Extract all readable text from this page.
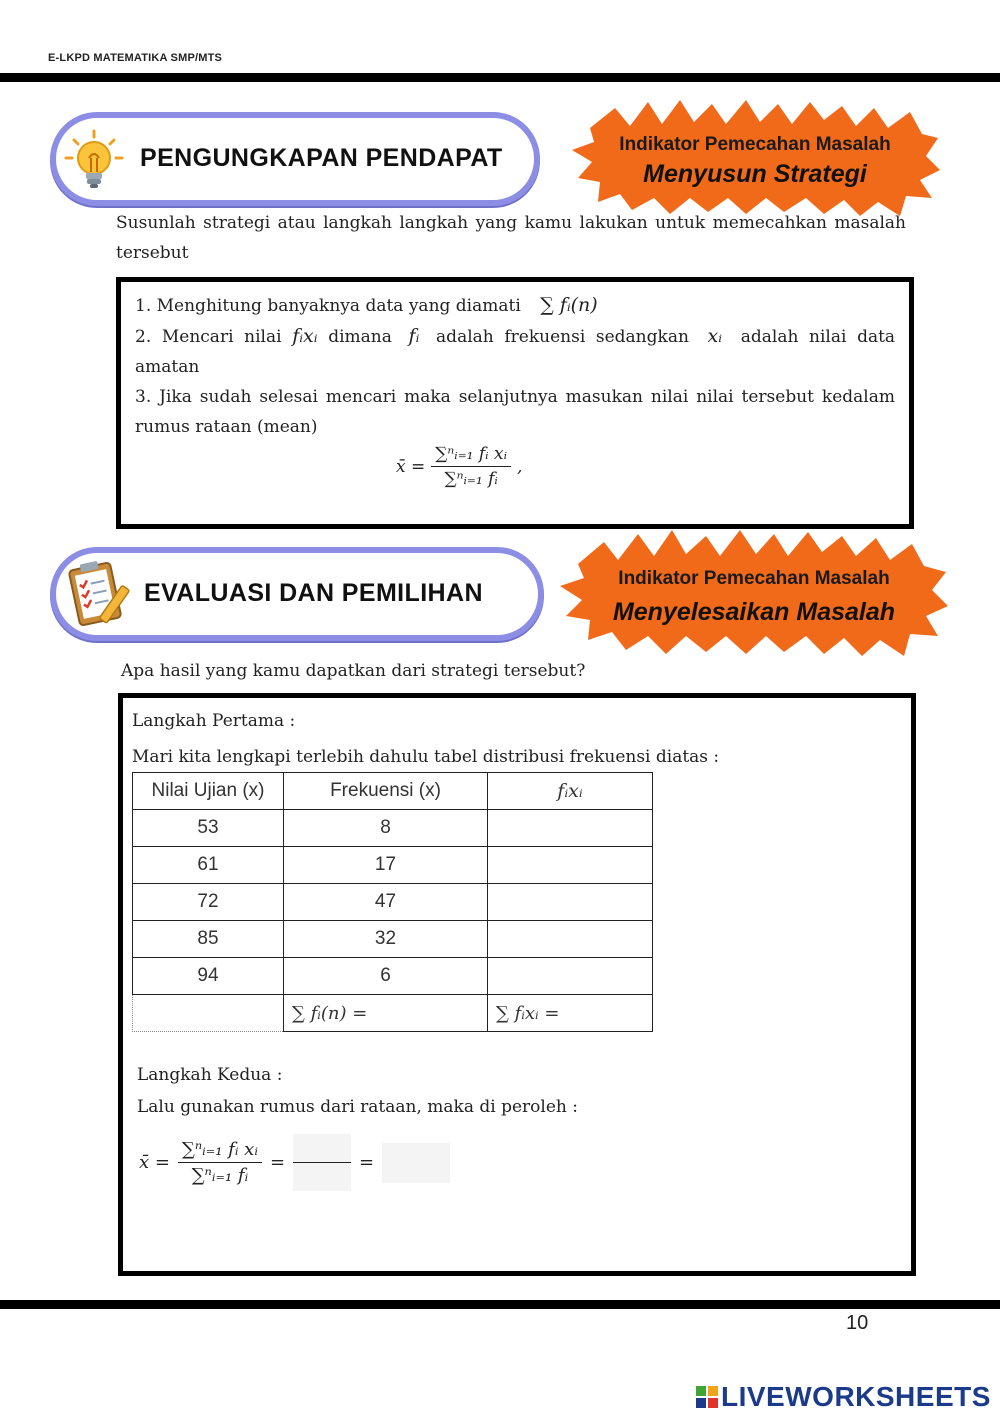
E-LKPD MATEMATIKA SMP/MTS
PENGUNGKAPAN PENDAPAT	Indikator Pemecahan Masalah
Menyusun Strategi
Susunlah strategi atau langkah langkah yang kamu lakukan untuk memecahkan masalah tersebut
1. Menghitung banyaknya data yang diamati ∑ fᵢ(n)
2. Mencari nilai fᵢxᵢ dimana fᵢ adalah frekuensi sedangkan xᵢ adalah nilai data amatan
3. Jika sudah selesai mencari maka selanjutnya masukan nilai nilai tersebut kedalam rumus rataan (mean)
x̄ = $\frac{\text{∑ⁿᵢ₌₁ fᵢ xᵢ}}{\text{∑ⁿᵢ₌₁ fᵢ}}$ ,
EVALUASI DAN PEMILIHAN
Indikator Pemecahan Masalah
Menyelesaikan Masalah
Apa hasil yang kamu dapatkan dari strategi tersebut?
Langkah Pertama :
Mari kita lengkapi terlebih dahulu tabel distribusi frekuensi diatas :
Nilai Ujian (x)	Frekuensi (x)	fᵢxᵢ
53	8	
61	17	
72	47	
85	32	
94	6	
	∑ fᵢ(n) =	∑ fᵢxᵢ =
Langkah Kedua :
Lalu gunakan rumus dari rataan, maka di peroleh :
x̄ = $\frac{\text{∑ⁿᵢ₌₁ fᵢ xᵢ}}{\text{∑ⁿᵢ₌₁ fᵢ}}$ =	=
10
LIVEWORKSHEETS
